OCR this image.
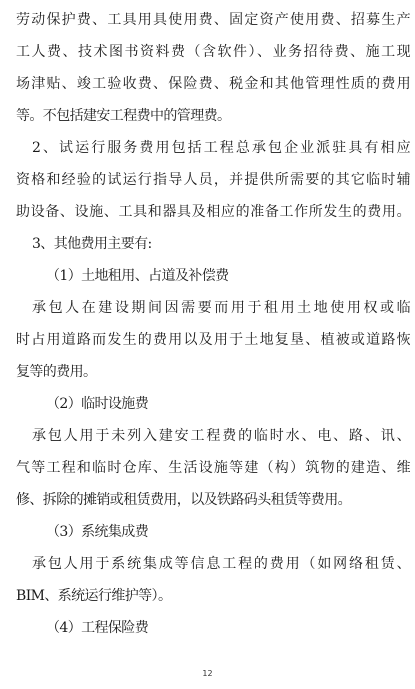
劳动保护费、工具用具使用费、固定资产使用费、招募生产
工人费、技术图书资料费（含软件）、业务招待费、施工现
场津贴、竣工验收费、保险费、税金和其他管理性质的费用
等。不包括建安工程费中的管理费。
2、试运行服务费用包括工程总承包企业派驻具有相应
资格和经验的试运行指导人员，并提供所需要的其它临时辅
助设备、设施、工具和器具及相应的准备工作所发生的费用。
3、其他费用主要有:
（1）土地租用、占道及补偿费
承包人在建设期间因需要而用于租用土地使用权或临
时占用道路而发生的费用以及用于土地复垦、植被或道路恢
复等的费用。
（2）临时设施费
承包人用于未列入建安工程费的临时水、电、路、讯、
气等工程和临时仓库、生活设施等建（构）筑物的建造、维
修、拆除的摊销或租赁费用，以及铁路码头租赁等费用。
（3）系统集成费
承包人用于系统集成等信息工程的费用（如网络租赁、
BIM、系统运行维护等）。
（4）工程保险费
12
